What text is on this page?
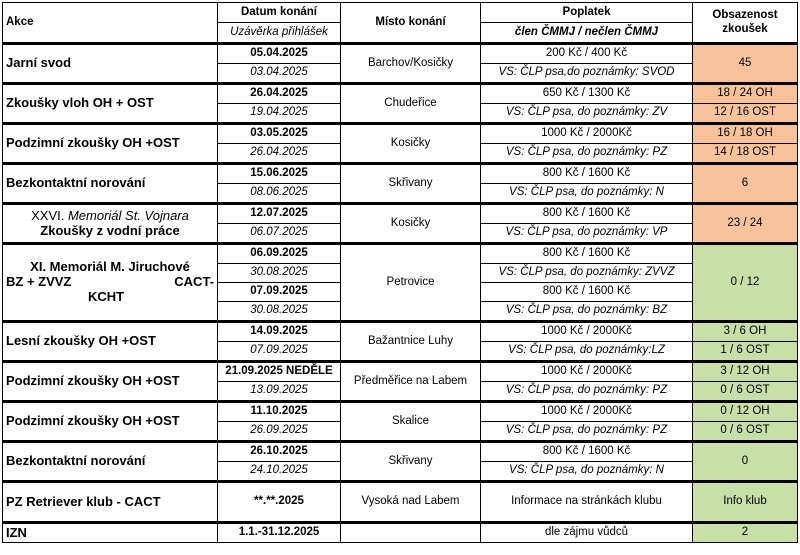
Akce	Datum konání	Místo konání	Poplatek	Obsazenost
zkoušek
	Uzávěrka přihlášek		člen ČMMJ / nečlen ČMMJ	
Jarní svod	05.04.2025	Barchov/Kosičky	200 Kč / 400 Kč	45
	03.04.2025		VS: ČLP psa,do poznámky: SVOD	
Zkoušky vloh OH + OST	26.04.2025	Chudeřice	650 Kč / 1300 Kč	18 / 24 OH
	19.04.2025		VS: ČLP psa, do poznámky: ZV	12 / 16 OST
Podzimní zkoušky OH +OST	03.05.2025	Kosičky	1000 Kč / 2000Kč	16 / 18 OH
	26.04.2025		VS: ČLP psa, do poznámky: PZ	14 / 18 OST
Bezkontaktní norování	15.06.2025	Skřivany	800 Kč / 1600 Kč	6
	08.06.2025		VS: ČLP psa, do poznámky: N	

XXVI. Memoriál St. Vojnara
Zkoušky z vodní práce	12.07.2025	Kosičky	800 Kč / 1600 Kč	23 / 24
	06.07.2025		VS: ČLP psa, do poznámky: VP	

XI. Memoriál M. Jiruchové
BZ + ZVVZ CACT-
KCHT	06.09.2025	Petrovice	800 Kč / 1600 Kč	0 / 12
	30.08.2025		VS: ČLP psa, do poznámky: ZVVZ	
	07.09.2025		800 Kč / 1600 Kč	
	30.08.2025		VS: ČLP psa, do poznámky: BZ	
Lesní zkoušky OH +OST	14.09.2025	Bažantnice Luhy	1000 Kč / 2000Kč	3 / 6 OH
	07.09.2025		VS: ČLP psa, do poznámky:LZ	1 / 6 OST
Podzimní zkoušky OH +OST	21.09.2025 NEDĚLE	Předměřice na Labem	1000 Kč / 2000Kč	3 / 12 OH
	13.09.2025		VS: ČLP psa, do poznámky: PZ	0 / 6 OST
Podzimní zkoušky OH +OST	11.10.2025	Skalice	1000 Kč / 2000Kč	0 / 12 OH
	26.09.2025		VS: ČLP psa, do poznámky: PZ	0 / 6 OST
Bezkontaktní norování	26.10.2025	Skřivany	800 Kč / 1600 Kč	0
	24.10.2025		VS: ČLP psa, do poznámky: N	
PZ Retriever klub - CACT	**.**.2025	Vysoká nad Labem	Informace na stránkách klubu	Info klub
IZN	1.1.-31.12.2025		dle zájmu vůdců	2
